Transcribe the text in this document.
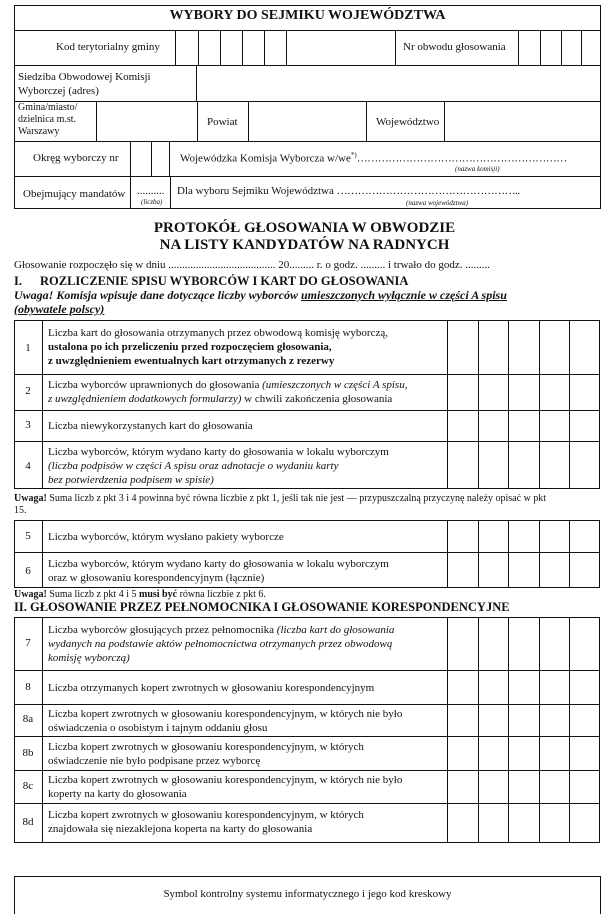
WYBORY DO SEJMIKU WOJEWÓDZTWA
Kod terytorialny gminy	Nr obwodu głosowania
Siedziba Obwodowej Komisji
Wyborczej (adres)
Gmina/miasto/
dzielnica m.st.
Warszawy
Powiat	Województwo
Okręg wyborczy nr	Wojewódzka Komisja Wyborcza w/we*)……………………………………………………
(nazwa komisji)
Obejmujący mandatów ..........
(liczba)
Dla wyboru Sejmiku Województwa ……………………………………………..
(nazwa województwa)
PROTOKÓŁ GŁOSOWANIA W OBWODZIE
NA LISTY KANDYDATÓW NA RADNYCH
Głosowanie rozpoczęło się w dniu ....................................... 20......... r. o godz. ......... i trwało do godz. .........
I. ROZLICZENIE SPISU WYBORCÓW I KART DO GŁOSOWANIA
Uwaga! Komisja wpisuje dane dotyczące liczby wyborców umieszczonych wyłącznie w części A spisu
(obywatele polscy)
1
Liczba kart do głosowania otrzymanych przez obwodową komisję wyborczą,
ustalona po ich przeliczeniu przed rozpoczęciem głosowania,
z uwzględnieniem ewentualnych kart otrzymanych z rezerwy
2	Liczba wyborców uprawnionych do głosowania (umieszczonych w części A spisu,
z uwzględnieniem dodatkowych formularzy) w chwili zakończenia głosowania
3	Liczba niewykorzystanych kart do głosowania
4
Liczba wyborców, którym wydano karty do głosowania w lokalu wyborczym
(liczba podpisów w części A spisu oraz adnotacje o wydaniu karty
bez potwierdzenia podpisem w spisie)
Uwaga! Suma liczb z pkt 3 i 4 powinna być równa liczbie z pkt 1, jeśli tak nie jest — przypuszczalną przyczynę należy opisać w pkt
15.
5	Liczba wyborców, którym wysłano pakiety wyborcze
6
Liczba wyborców, którym wydano karty do głosowania w lokalu wyborczym
oraz w głosowaniu korespondencyjnym (łącznie)
Uwaga! Suma liczb z pkt 4 i 5 musi być równa liczbie z pkt 6.
II. GŁOSOWANIE PRZEZ PEŁNOMOCNIKA I GŁOSOWANIE KORESPONDENCYJNE
7
Liczba wyborców głosujących przez pełnomocnika (liczba kart do głosowania
wydanych na podstawie aktów pełnomocnictwa otrzymanych przez obwodową
komisję wyborczą)
8	Liczba otrzymanych kopert zwrotnych w głosowaniu korespondencyjnym
8a	Liczba kopert zwrotnych w głosowaniu korespondencyjnym, w których nie było
oświadczenia o osobistym i tajnym oddaniu głosu
8b	Liczba kopert zwrotnych w głosowaniu korespondencyjnym, w których
oświadczenie nie było podpisane przez wyborcę
8c	Liczba kopert zwrotnych w głosowaniu korespondencyjnym, w których nie było
koperty na karty do głosowania
8d
Liczba kopert zwrotnych w głosowaniu korespondencyjnym, w których
znajdowała się niezaklejona koperta na karty do głosowania
Symbol kontrolny systemu informatycznego i jego kod kreskowy
